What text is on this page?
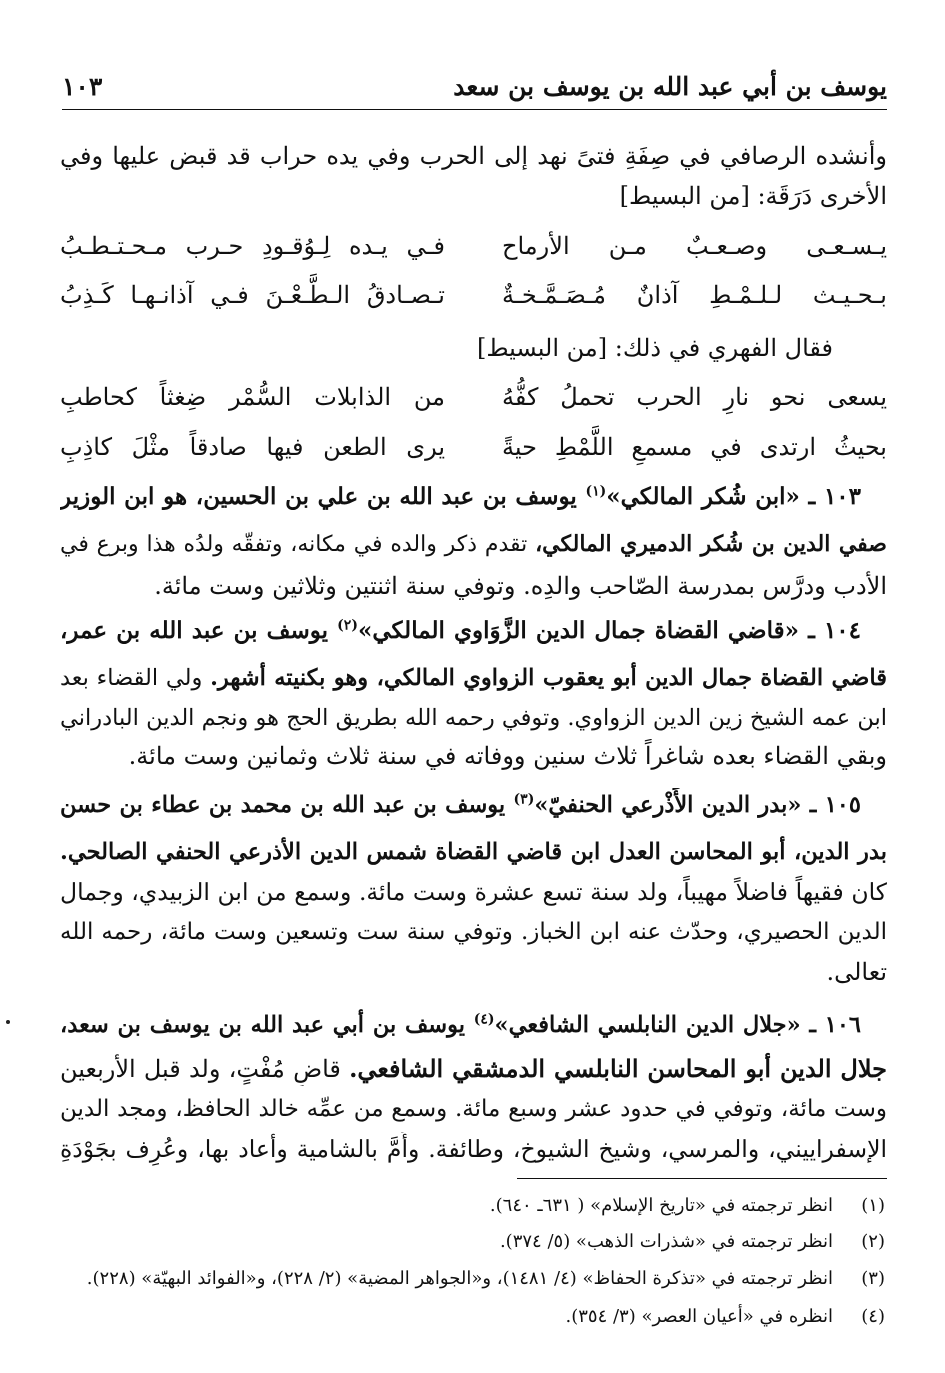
يوسف بن أبي عبد الله بن يوسف بن سعد
١٠٣
وأنشده الرصافي في صِفَةِ فتىً نهد إلى الحرب وفي يده حراب قد قبض عليها وفي
الأخرى دَرَقَة: [من البسيط]
يـسـعـى وصـعـبٌ مـن الأرماح
فـي يـده لِـوُقـودِ حـرب مـحـتـطـبُ
بـحـيـث لـلـمْـطِ آذانٌ مُـصَـمَّـخـةٌ
تـصـادقُ الـطَّـعْـنَ فـي آذانـهـا كَـذِبُ
فقال الفهري في ذلك: [من البسيط]
يسعى نحو نارِ الحرب تحملُ كفُّهُ
من الذابلات السُّمْر ضِغثاً كحاطبِ
بحيثُ ارتدى في مسمعِ اللَّمْطِ حيةً
يرى الطعن فيها صادقاً مثْلَ كاذِبِ
١٠٣ ـ «ابن شُكر المالكي»$^{(١)}$ يوسف بن عبد الله بن علي بن الحسين، هو ابن الوزير
صفي الدين بن شُكر الدميري المالكي، تقدم ذكر والده في مكانه، وتفقّه ولدُه هذا وبرع في
الأدب ودرَّس بمدرسة الصّاحب والدِه. وتوفي سنة اثنتين وثلاثين وست مائة.
١٠٤ ـ «قاضي القضاة جمال الدين الزَّوَاوي المالكي»$^{(٢)}$ يوسف بن عبد الله بن عمر،
قاضي القضاة جمال الدين أبو يعقوب الزواوي المالكي، وهو بكنيته أشهر. ولي القضاء بعد
ابن عمه الشيخ زين الدين الزواوي. وتوفي رحمه الله بطريق الحج هو ونجم الدين البادراني
وبقي القضاء بعده شاغراً ثلاث سنين ووفاته في سنة ثلاث وثمانين وست مائة.
١٠٥ ـ «بدر الدين الأَذْرعي الحنفيّ»$^{(٣)}$ يوسف بن عبد الله بن محمد بن عطاء بن حسن
بدر الدين، أبو المحاسن العدل ابن قاضي القضاة شمس الدين الأذرعي الحنفي الصالحي.
كان فقيهاً فاضلاً مهيباً، ولد سنة تسع عشرة وست مائة. وسمع من ابن الزبيدي، وجمال
الدين الحصيري، وحدّث عنه ابن الخباز. وتوفي سنة ست وتسعين وست مائة، رحمه الله
تعالى.
١٠٦ ـ «جلال الدين النابلسي الشافعي»$^{(٤)}$ يوسف بن أبي عبد الله بن يوسف بن سعد،
جلال الدين أبو المحاسن النابلسي الدمشقي الشافعي. قاضٍ مُفْتٍ، ولد قبل الأربعين
وست مائة، وتوفي في حدود عشر وسبع مائة. وسمع من عمِّه خالد الحافظ، ومجد الدين
الإسفراييني، والمرسي، وشيخ الشيوخ، وطائفة. وأَمَّ بالشامية وأعاد بها، وعُرِف بجَوْدَةِ
(١)انظر ترجمته في «تاريخ الإسلام» ( ٦٣١ـ ٦٤٠).
(٢)انظر ترجمته في «شذرات الذهب» (٥/ ٣٧٤).
(٣)انظر ترجمته في «تذكرة الحفاظ» (٤/ ١٤٨١)، و«الجواهر المضية» (٢/ ٢٢٨)، و«الفوائد البهيّة» (٢٢٨).
(٤)انظره في «أعيان العصر» (٣/ ٣٥٤).
